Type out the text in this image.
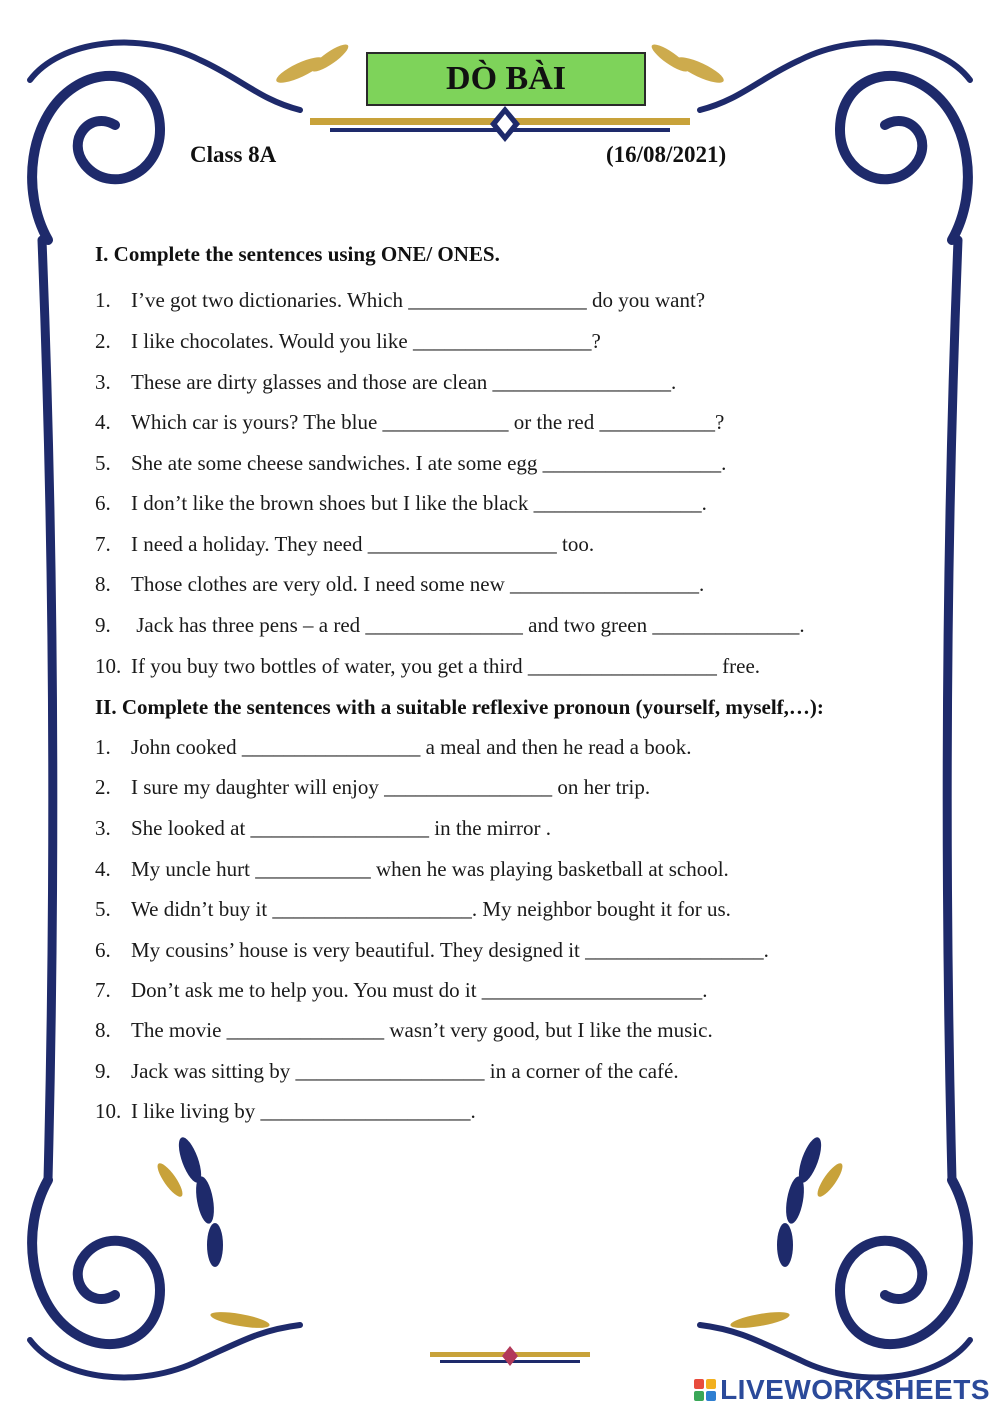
DÒ BÀI
Class 8A	(16/08/2021)
I. Complete the sentences using ONE/ ONES.
1. I’ve got two dictionaries. Which _________________ do you want?
2. I like chocolates. Would you like _________________?
3. These are dirty glasses and those are clean _________________.
4. Which car is yours? The blue ____________ or the red ___________?
5. She ate some cheese sandwiches. I ate some egg _________________.
6. I don’t like the brown shoes but I like the black ________________.
7. I need a holiday. They need __________________ too.
8. Those clothes are very old. I need some new __________________.
9. Jack has three pens – a red _______________ and two green ______________.
10. If you buy two bottles of water, you get a third __________________ free.
II. Complete the sentences with a suitable reflexive pronoun (yourself, myself,…):
1. John cooked _________________ a meal and then he read a book.
2. I sure my daughter will enjoy ________________ on her trip.
3. She looked at _________________ in the mirror .
4. My uncle hurt ___________ when he was playing basketball at school.
5. We didn’t buy it ___________________. My neighbor bought it for us.
6. My cousins’ house is very beautiful. They designed it _________________.
7. Don’t ask me to help you. You must do it _____________________.
8. The movie _______________ wasn’t very good, but I like the music.
9. Jack was sitting by __________________ in a corner of the café.
10. I like living by ____________________.
LIVEWORKSHEETS
